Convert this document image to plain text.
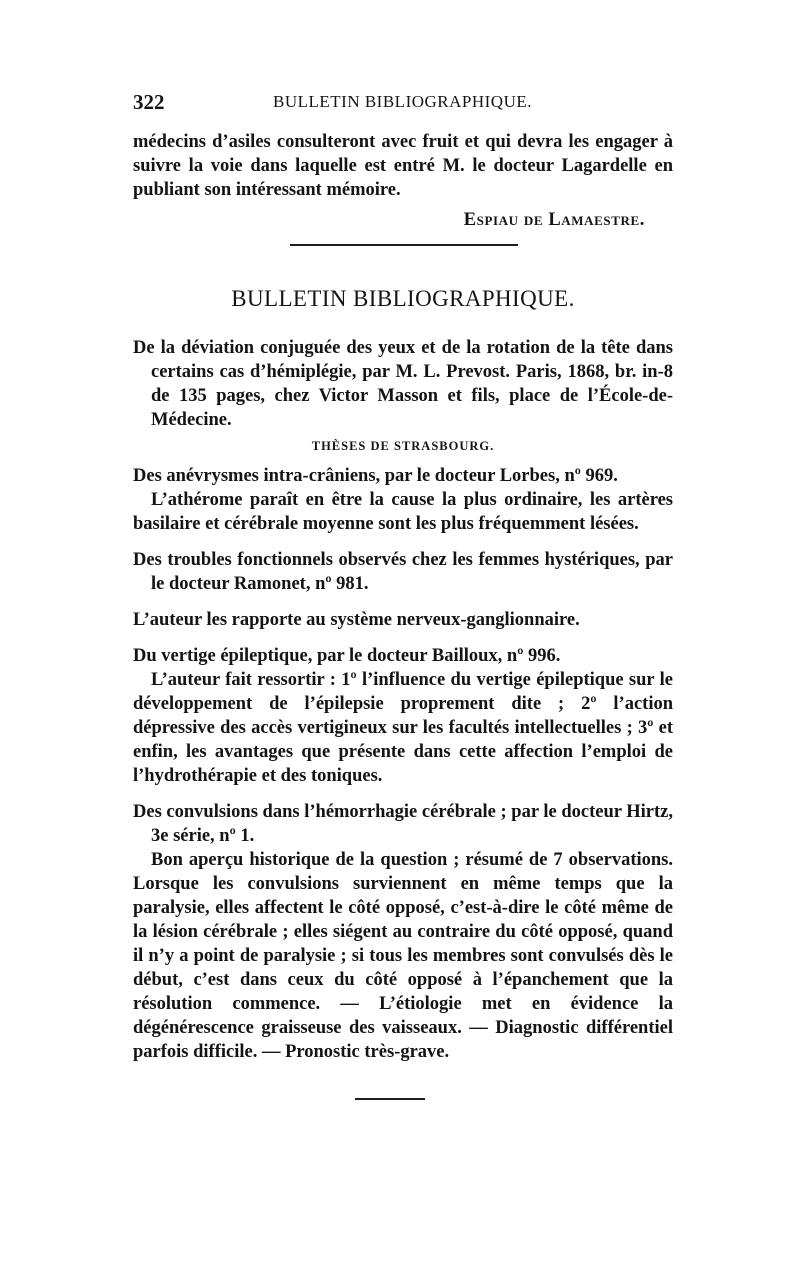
322	BULLETIN BIBLIOGRAPHIQUE.

médecins d’asiles consulteront avec fruit et qui devra les engager à suivre la voie dans laquelle est entré M. le docteur Lagardelle en publiant son intéressant mémoire.

Espiau de Lamaestre.

BULLETIN BIBLIOGRAPHIQUE.

De la déviation conjuguée des yeux et de la rotation de la tête dans certains cas d’hémiplégie, par M. L. Prevost. Paris, 1868, br. in-8 de 135 pages, chez Victor Masson et fils, place de l’École-de-Médecine.

THÈSES DE STRASBOURG.

Des anévrysmes intra-crâniens, par le docteur Lorbes, nº 969.

L’athérome paraît en être la cause la plus ordinaire, les artères basilaire et cérébrale moyenne sont les plus fréquemment lésées.

Des troubles fonctionnels observés chez les femmes hystériques, par le docteur Ramonet, nº 981.

L’auteur les rapporte au système nerveux-ganglionnaire.

Du vertige épileptique, par le docteur Bailloux, nº 996.

L’auteur fait ressortir : 1º l’influence du vertige épileptique sur le développement de l’épilepsie proprement dite ; 2º l’action dépressive des accès vertigineux sur les facultés intellectuelles ; 3º et enfin, les avantages que présente dans cette affection l’emploi de l’hydrothérapie et des toniques.

Des convulsions dans l’hémorrhagie cérébrale ; par le docteur Hirtz, 3e série, nº 1.

Bon aperçu historique de la question ; résumé de 7 observations. Lorsque les convulsions surviennent en même temps que la paralysie, elles affectent le côté opposé, c’est-à-dire le côté même de la lésion cérébrale ; elles siégent au contraire du côté opposé, quand il n’y a point de paralysie ; si tous les membres sont convulsés dès le début, c’est dans ceux du côté opposé à l’épanchement que la résolution commence. — L’étiologie met en évidence la dégénérescence graisseuse des vaisseaux. — Diagnostic différentiel parfois difficile. — Pronostic très-grave.
